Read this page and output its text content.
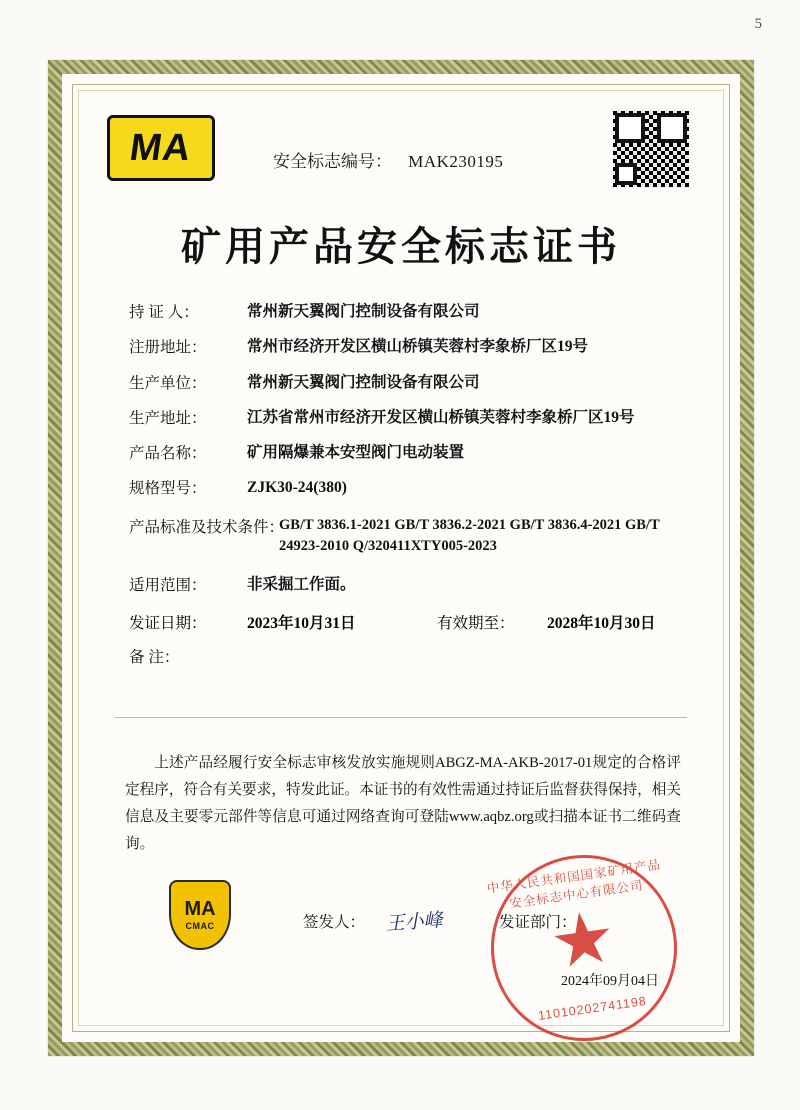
5
MA	安全标志编号： MAK230195
矿用产品安全标志证书
持 证 人：	常州新天翼阀门控制设备有限公司
注册地址：	常州市经济开发区横山桥镇芙蓉村李象桥厂区19号
生产单位：	常州新天翼阀门控制设备有限公司
生产地址：	江苏省常州市经济开发区横山桥镇芙蓉村李象桥厂区19号
产品名称：	矿用隔爆兼本安型阀门电动装置
规格型号：	ZJK30-24(380)
产品标准及技术条件：
GB/T 3836.1-2021 GB/T 3836.2-2021 GB/T 3836.4-2021 GB/T 24923-2010 Q/320411XTY005-2023
适用范围：	非采掘工作面。
发证日期：	2023年10月31日	有效期至：	2028年10月30日
备 注：
上述产品经履行安全标志审核发放实施规则ABGZ-MA-AKB-2017-01规定的合格评定程序，符合有关要求，特发此证。本证书的有效性需通过持证后监督获得保持，相关信息及主要零元部件等信息可通过网络查询可登陆www.aqbz.org或扫描本证书二维码查询。
MA
CMAC	签发人：	王小峰	发证部门：
中华人民共和国国家矿用产品安全标志中心有限公司
11010202741198
2024年09月04日
